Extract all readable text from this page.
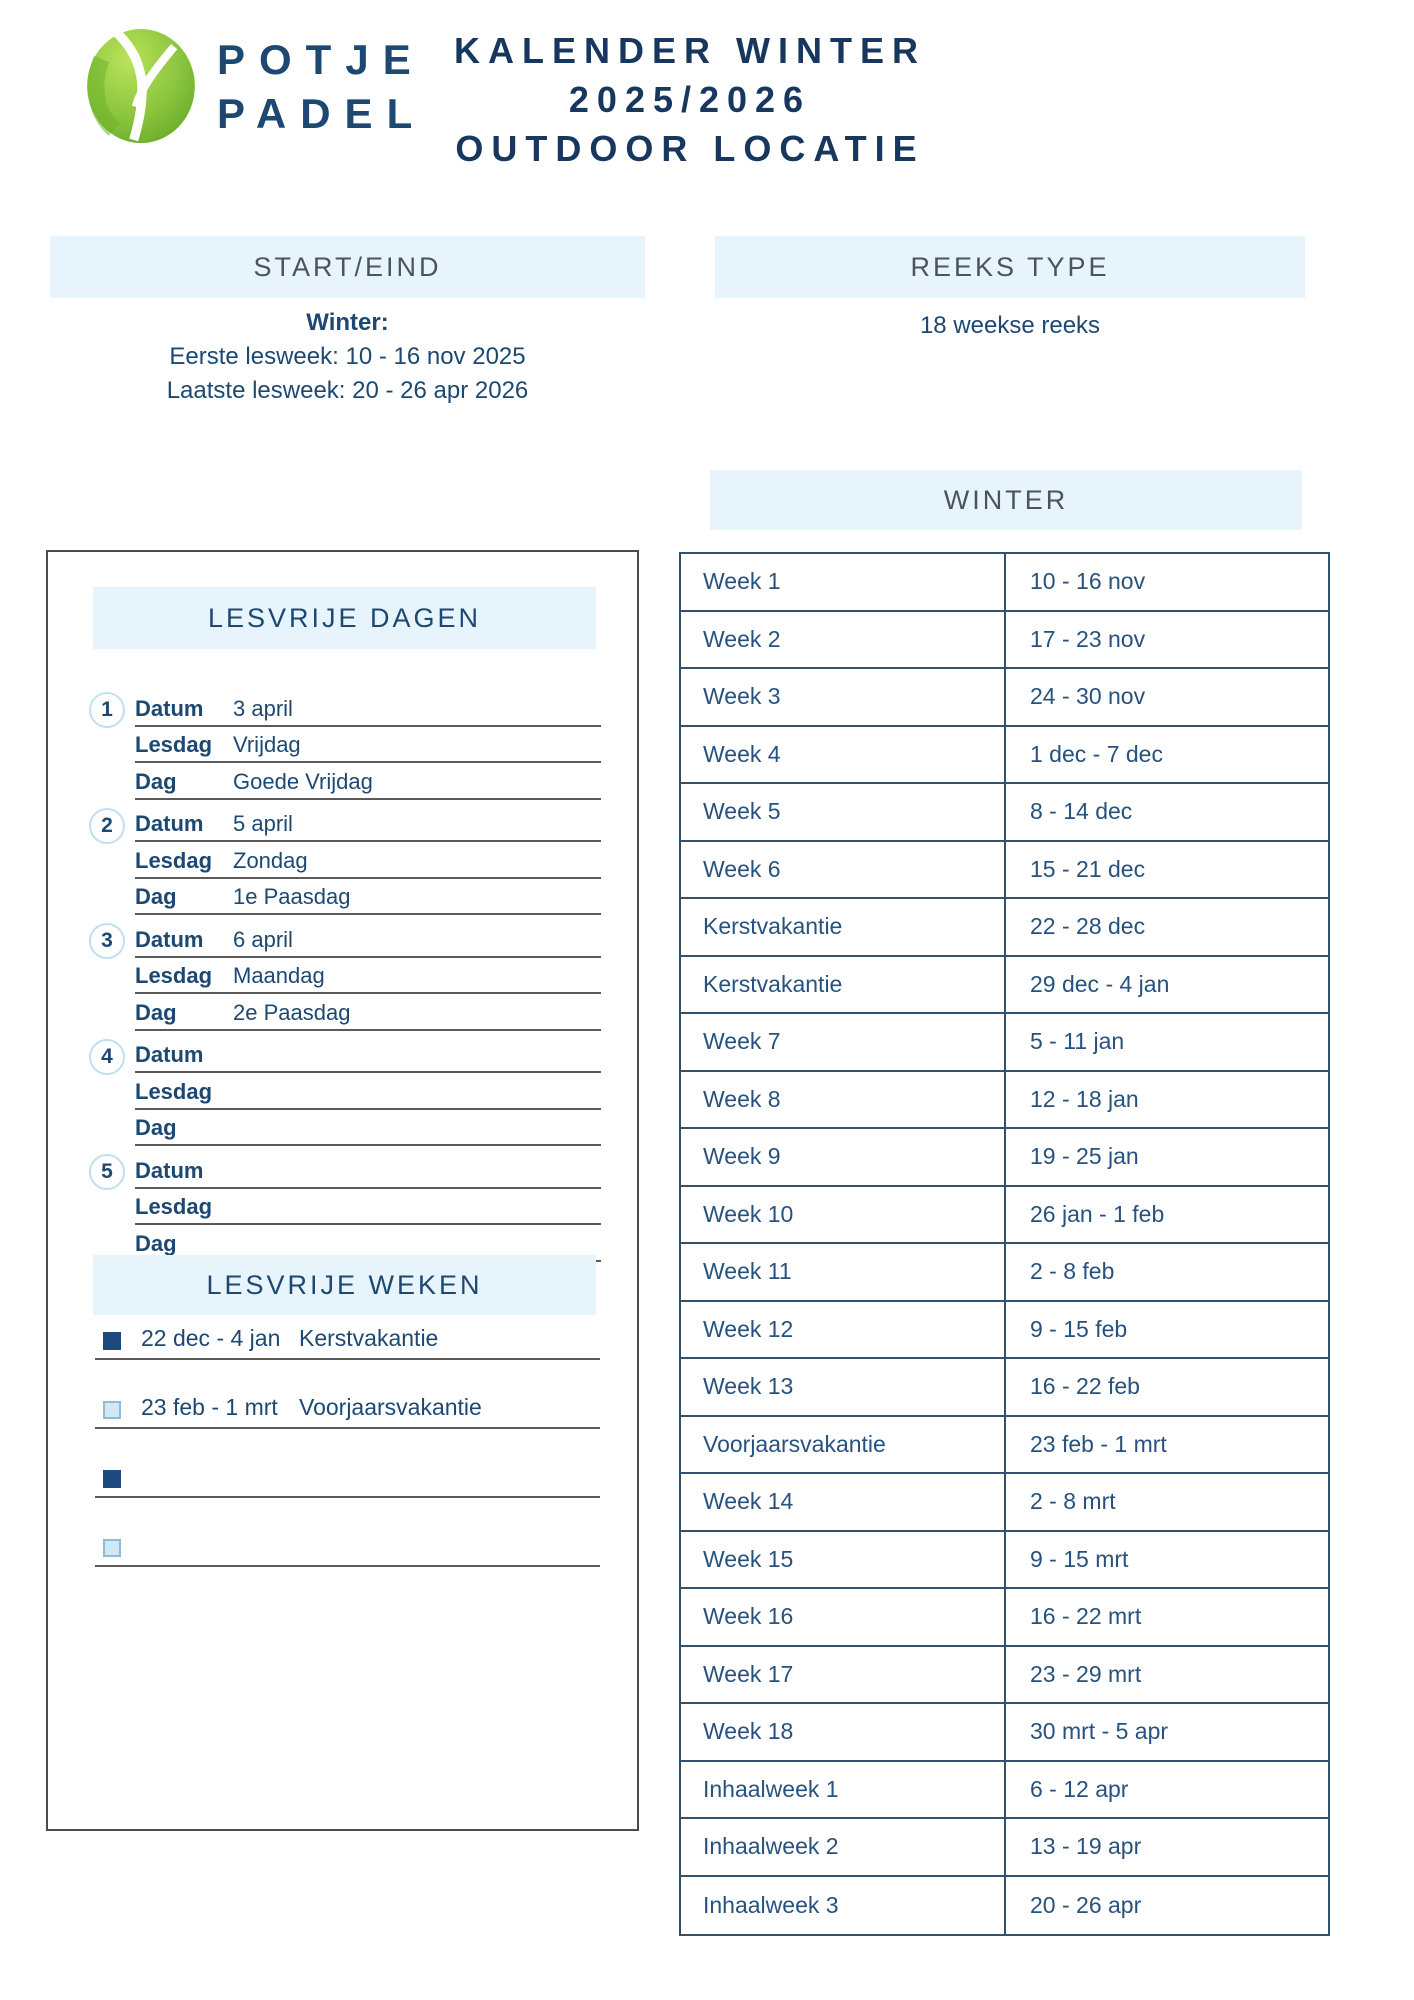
POTJE
PADEL
KALENDER WINTER
2025/2026
OUTDOOR LOCATIE
START/EIND
Winter:
Eerste lesweek: 10 - 16 nov 2025
Laatste lesweek: 20 - 26 apr 2026
REEKS TYPE
18 weekse reeks
WINTER
Week 1	10 - 16 nov
Week 2	17 - 23 nov
Week 3	24 - 30 nov
Week 4	1 dec - 7 dec
Week 5	8 - 14 dec
Week 6	15 - 21 dec
Kerstvakantie	22 - 28 dec
Kerstvakantie	29 dec - 4 jan
Week 7	5 - 11 jan
Week 8	12 - 18 jan
Week 9	19 - 25 jan
Week 10	26 jan - 1 feb
Week 11	2 - 8 feb
Week 12	9 - 15 feb
Week 13	16 - 22 feb
Voorjaarsvakantie	23 feb - 1 mrt
Week 14	2 - 8 mrt
Week 15	9 - 15 mrt
Week 16	16 - 22 mrt
Week 17	23 - 29 mrt
Week 18	30 mrt - 5 apr
Inhaalweek 1	6 - 12 apr
Inhaalweek 2	13 - 19 apr
Inhaalweek 3	20 - 26 apr
LESVRIJE DAGEN
1	Datum	3 april
Lesdag Vrijdag
Dag	Goede Vrijdag
2	Datum	5 april
Lesdag Zondag
Dag	1e Paasdag
3	Datum	6 april
Lesdag Maandag
Dag	2e Paasdag
4	Datum
Lesdag
Dag
5	Datum
Lesdag
Dag
LESVRIJE WEKEN
22 dec - 4 jan Kerstvakantie
23 feb - 1 mrt Voorjaarsvakantie
